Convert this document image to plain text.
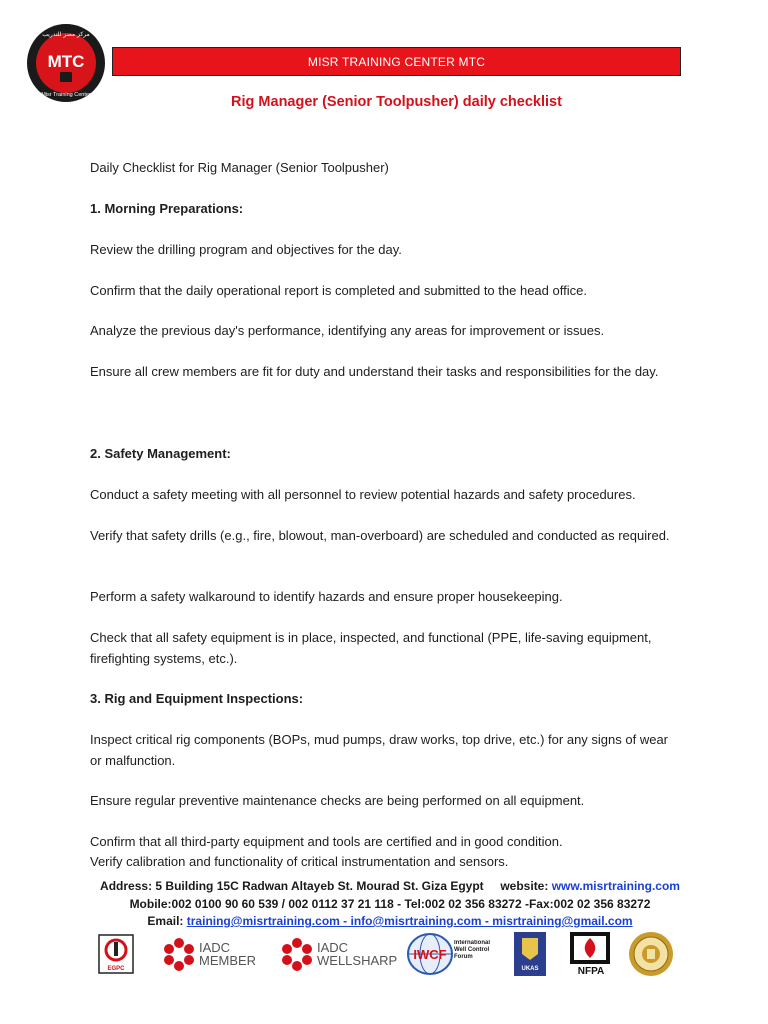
MTC
مركز مصر للتدريب
Misr Training Center
MISR TRAINING CENTER MTC
Rig Manager (Senior Toolpusher) daily checklist
Daily Checklist for Rig Manager (Senior Toolpusher)
1. Morning Preparations:
Review the drilling program and objectives for the day.
Confirm that the daily operational report is completed and submitted to the head office.
Analyze the previous day's performance, identifying any areas for improvement or issues.
Ensure all crew members are fit for duty and understand their tasks and responsibilities for the day.
2. Safety Management:
Conduct a safety meeting with all personnel to review potential hazards and safety procedures.
Verify that safety drills (e.g., fire, blowout, man-overboard) are scheduled and conducted as required.
Perform a safety walkaround to identify hazards and ensure proper housekeeping.
Check that all safety equipment is in place, inspected, and functional (PPE, life-saving equipment, firefighting systems, etc.).
3. Rig and Equipment Inspections:
Inspect critical rig components (BOPs, mud pumps, draw works, top drive, etc.) for any signs of wear or malfunction.
Ensure regular preventive maintenance checks are being performed on all equipment.
Confirm that all third-party equipment and tools are certified and in good condition.
Verify calibration and functionality of critical instrumentation and sensors.
Address: 5 Building 15C Radwan Altayeb St. Mourad St. Giza Egypt website: www.misrtraining.com
Mobile:002 0100 90 60 539 / 002 0112 37 21 118 - Tel:002 02 356 83272 -Fax:002 02 356 83272
Email: training@misrtraining.com - info@misrtraining.com - misrtraining@gmail.com
EGPC
IADC
MEMBER
IADC
WELLSHARP IWCF
International Well Control Forum
UKAS	NFPA
